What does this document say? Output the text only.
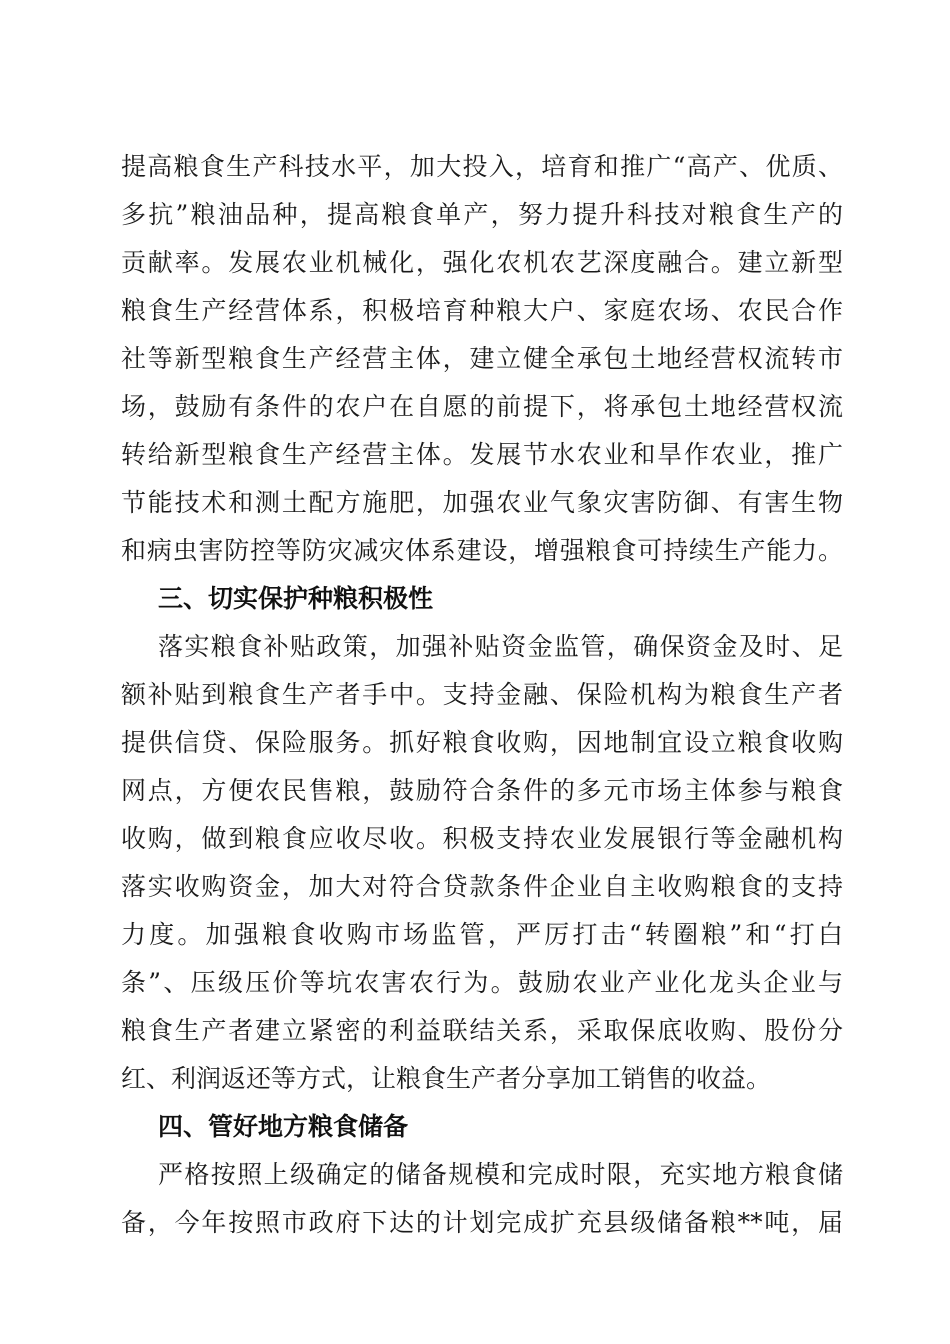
提高粮食生产科技水平，加大投入，培育和推广“高产、优质、
多抗”粮油品种，提高粮食单产，努力提升科技对粮食生产的
贡献率。发展农业机械化，强化农机农艺深度融合。建立新型
粮食生产经营体系，积极培育种粮大户、家庭农场、农民合作
社等新型粮食生产经营主体，建立健全承包土地经营权流转市
场，鼓励有条件的农户在自愿的前提下，将承包土地经营权流
转给新型粮食生产经营主体。发展节水农业和旱作农业，推广
节能技术和测土配方施肥，加强农业气象灾害防御、有害生物
和病虫害防控等防灾减灾体系建设，增强粮食可持续生产能力。
三、切实保护种粮积极性
落实粮食补贴政策，加强补贴资金监管，确保资金及时、足
额补贴到粮食生产者手中。支持金融、保险机构为粮食生产者
提供信贷、保险服务。抓好粮食收购，因地制宜设立粮食收购
网点，方便农民售粮，鼓励符合条件的多元市场主体参与粮食
收购，做到粮食应收尽收。积极支持农业发展银行等金融机构
落实收购资金，加大对符合贷款条件企业自主收购粮食的支持
力度。加强粮食收购市场监管，严厉打击“转圈粮”和“打白
条”、压级压价等坑农害农行为。鼓励农业产业化龙头企业与
粮食生产者建立紧密的利益联结关系，采取保底收购、股份分
红、利润返还等方式，让粮食生产者分享加工销售的收益。
四、管好地方粮食储备
严格按照上级确定的储备规模和完成时限，充实地方粮食储
备，今年按照市政府下达的计划完成扩充县级储备粮**吨，届
